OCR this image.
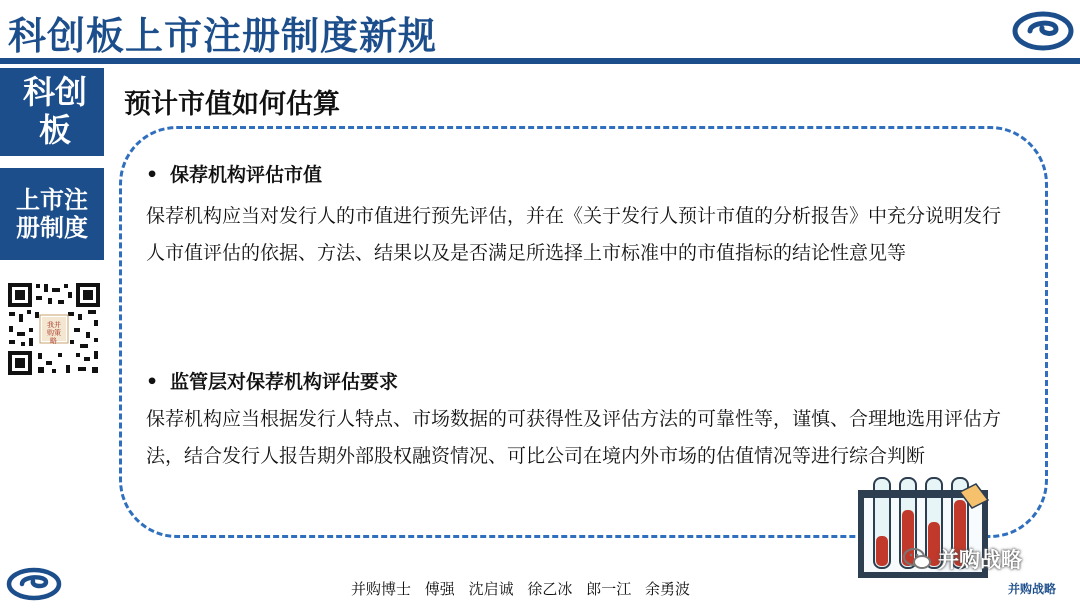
科创板上市注册制度新规
科创板
上市注册制度
我并
购策
略
预计市值如何估算
• 保荐机构评估市值
保荐机构应当对发行人的市值进行预先评估，并在《关于发行人预计市值的分析报告》中充分说明发行人市值评估的依据、方法、结果以及是否满足所选择上市标准中的市值指标的结论性意见等
• 监管层对保荐机构评估要求
保荐机构应当根据发行人特点、市场数据的可获得性及评估方法的可靠性等，谨慎、合理地选用评估方法，结合发行人报告期外部股权融资情况、可比公司在境内外市场的估值情况等进行综合判断
并购战略
并购战略
并购博士 傅强 沈启诚 徐乙冰 郎一江 余勇波
